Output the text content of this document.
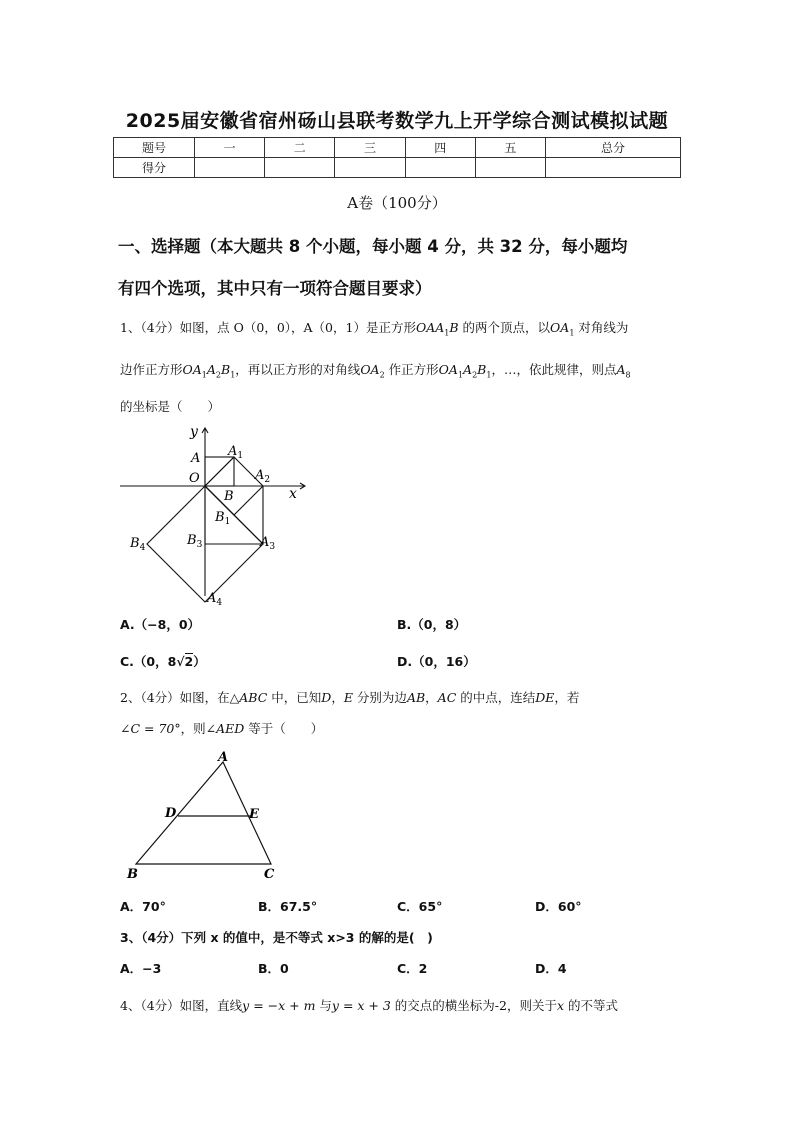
2025届安徽省宿州砀山县联考数学九上开学综合测试模拟试题
题号	一	二	三	四	五	总分
得分						
A卷（100分）
一、选择题（本大题共 8 个小题，每小题 4 分，共 32 分，每小题均
有四个选项，其中只有一项符合题目要求）
1、（4分）如图，点 O（0，0），A（0，1）是正方形$OAA_1B$ 的两个顶点，以$OA_1$ 对角线为
边作正方形$OA_1A_2B_1$，再以正方形的对角线$OA_2$ 作正方形$OA_1A_2B_1$，…，依此规律，则点$A_8$
的坐标是（　　）
y
x
A $A_1$
O
B
$A_2$
$B_1$
$B_4$	$B_3$	$A_3$
$A_4$
A.（−8，0）	B.（0，8）
C.（0，8√2）	D.（0，16）
2、（4分）如图，在△ABC 中，已知D，E 分别为边AB，AC 的中点，连结DE，若
∠C = 70°，则∠AED 等于（　　）
A
D	E
B	C
A．70°	B．67.5°	C．65°	D．60°
3、（4分）下列 x 的值中，是不等式 x>3 的解的是(　)
A．−3	B．0	C．2	D．4
4、（4分）如图，直线y = −x + m 与y = x + 3 的交点的横坐标为-2，则关于x 的不等式
